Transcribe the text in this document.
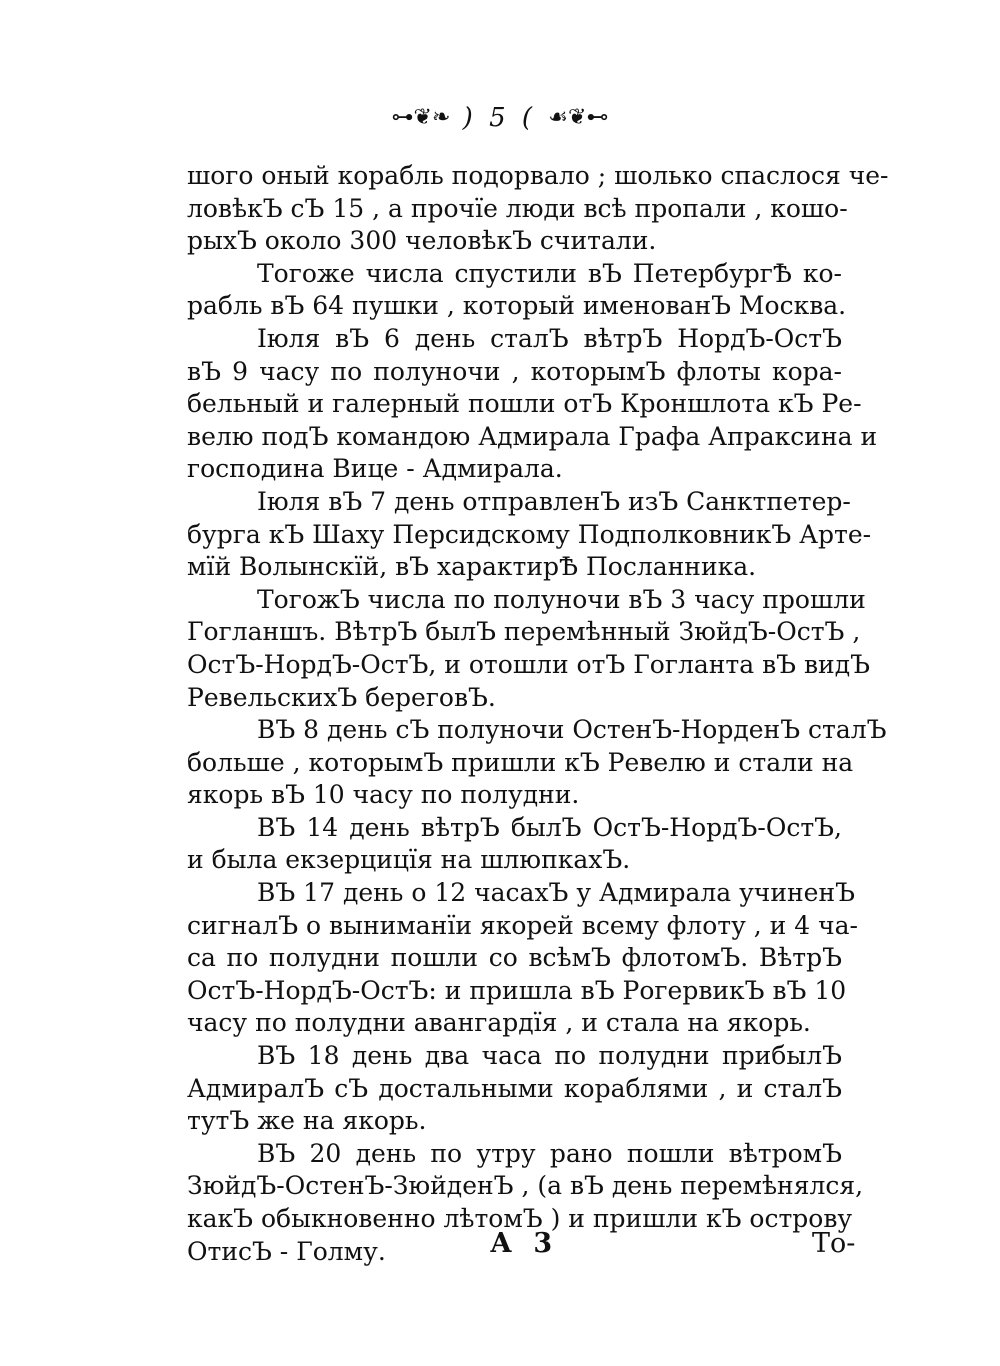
⊶❦❧ ) 5 ( ☙❦⊷
шого оный корабль подорвало ; шолько спаслося че-
ловѣкЪ сЪ 15 , а прочїе люди всѣ пропали , кошо-
рыхЪ около 300 человѣкЪ считали.
Тогоже числа спустили вЪ ПетербургѢ ко-
рабль вЪ 64 пушки , который именованЪ Москва.
Iюля вЪ 6 день сталЪ вѣтрЪ НордЪ-ОстЪ
вЪ 9 часу по полуночи , которымЪ флоты кора-
бельный и галерный пошли отЪ Кроншлота кЪ Ре-
велю подЪ командою Адмирала Графа Апраксина и
господина Вице - Адмирала.
Iюля вЪ 7 день отправленЪ изЪ Санктпетер-
бурга кЪ Шаху Персидскому ПодполковникЪ Арте-
мїй Волынскїй, вЪ характирѢ Посланника.
ТогожЪ числа по полуночи вЪ 3 часу прошли
Гогланшъ. ВѣтрЪ былЪ перемѣнный ЗюйдЪ-ОстЪ ,
ОстЪ-НордЪ-ОстЪ, и отошли отЪ Гогланта вЪ видЪ
РевельскихЪ береговЪ.
ВЪ 8 день сЪ полуночи ОстенЪ-НорденЪ сталЪ
больше , которымЪ пришли кЪ Ревелю и стали на
якорь вЪ 10 часу по полудни.
ВЪ 14 день вѣтрЪ былЪ ОстЪ-НордЪ-ОстЪ,
и была екзерцицїя на шлюпкахЪ.
ВЪ 17 день о 12 часахЪ у Адмирала учиненЪ
сигналЪ о выниманїи якорей всему флоту , и 4 ча-
са по полудни пошли со всѣмЪ флотомЪ. ВѣтрЪ
ОстЪ-НордЪ-ОстЪ: и пришла вЪ РогервикЪ вЪ 10
часу по полудни авангардїя , и стала на якорь.
ВЪ 18 день два часа по полудни прибылЪ
АдмиралЪ сЪ достальными кораблями , и сталЪ
тутЪ же на якорь.
ВЪ 20 день по утру рано пошли вѣтромЪ
ЗюйдЪ-ОстенЪ-ЗюйденЪ , (а вЪ день перемѣнялся,
какЪ обыкновенно лѣтомЪ ) и пришли кЪ острову
ОтисЪ - Голму.	А 3	То-
